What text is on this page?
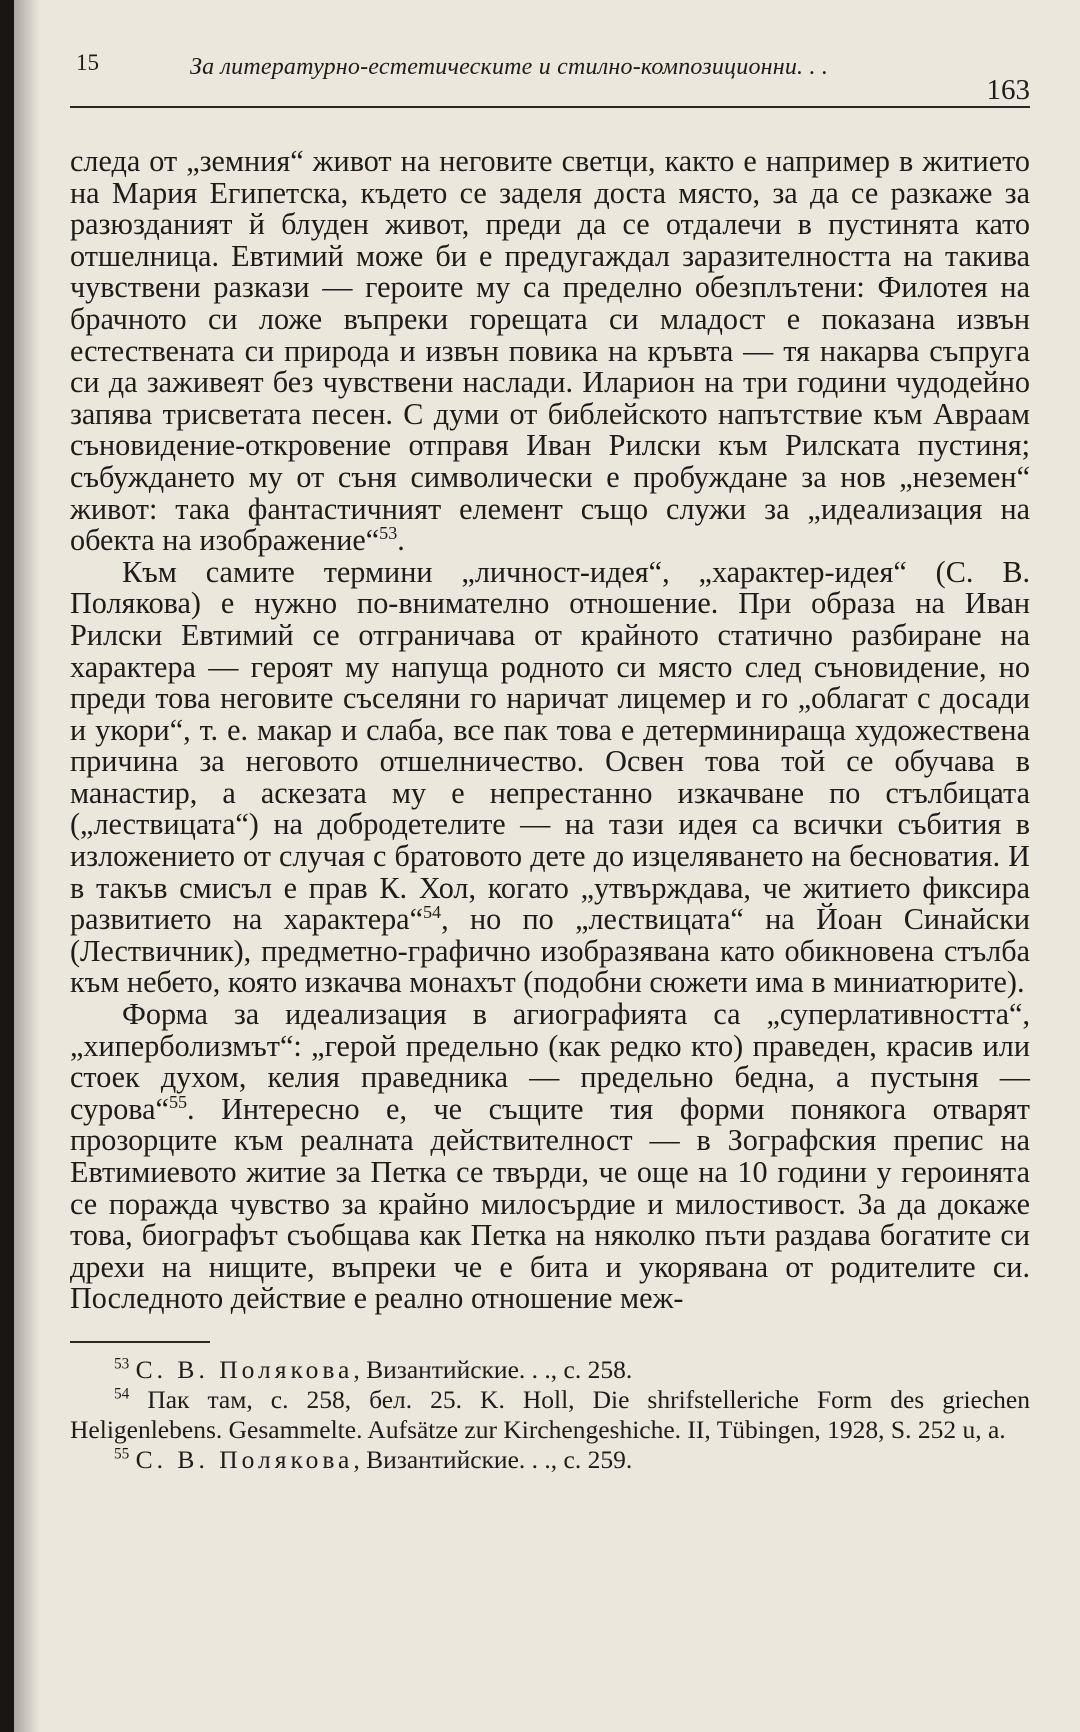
15	За литературно-естетическите и стилно-композиционни. . .
163

следа от „земния“ живот на неговите светци, както е например в житието на Мария Египетска, където се заделя доста място, за да се разкаже за разюзданият й блуден живот, преди да се отдалечи в пустинята като отшелница. Евтимий може би е предугаждал заразителността на такива чувствени разкази — героите му са пределно обезплътени: Филотея на брачното си ложе въпреки горещата си младост е показана извън естествената си природа и извън повика на кръвта — тя накарва съпруга си да заживеят без чувствени наслади. Иларион на три години чудодейно запява трисветата песен. С думи от библейското напътствие към Авраам съновидение-откровение отправя Иван Рилски към Рилската пустиня; събуждането му от съня символически е пробуждане за нов „неземен“ живот: така фантастичният елемент също служи за „идеализация на обекта на изображение“$^{53}$.

Към самите термини „личност-идея“, „характер-идея“ (С. В. Полякова) е нужно по-внимателно отношение. При образа на Иван Рилски Евтимий се отграничава от крайното статично разбиране на характера — героят му напуща родното си място след съновидение, но преди това неговите съселяни го наричат лицемер и го „облагат с досади и укори“, т. е. макар и слаба, все пак това е детерминираща художествена причина за неговото отшелничество. Освен това той се обучава в манастир, а аскезата му е непрестанно изкачване по стълбицата („лествицата“) на добродетелите — на тази идея са всички събития в изложението от случая с братовото дете до изцеляването на бесноватия. И в такъв смисъл е прав К. Хол, когато „утвърждава, че житието фиксира развитието на характера“$^{54}$, но по „лествицата“ на Йоан Синайски (Лествичник), предметно-графично изобразявана като обикновена стълба към небето, която изкачва монахът (подобни сюжети има в миниатюрите).

Форма за идеализация в агиографията са „суперлативността“, „хиперболизмът“: „герой предельно (как редко кто) праведен, красив или стоек духом, келия праведника — предельно бедна, а пустыня — сурова“$^{55}$. Интересно е, че същите тия форми понякога отварят прозорците към реалната действителност — в Зографския препис на Евтимиевото житие за Петка се твърди, че още на 10 години у героинята се поражда чувство за крайно милосърдие и милостивост. За да докаже това, биографът съобщава как Петка на няколко пъти раздава богатите си дрехи на нищите, въпреки че е бита и укорявана от родителите си. Последното действие е реално отношение меж-

$^{53}$ С. В. Полякова, Византийские. . ., с. 258.

$^{54}$ Пак там, с. 258, бел. 25. K. Holl, Die shrifstelleriche Form des griechen Heligenlebens. Gesammelte. Aufsätze zur Kirchengeshiche. II, Tübingen, 1928, S. 252 u, a.

$^{55}$ С. В. Полякова, Византийские. . ., с. 259.
